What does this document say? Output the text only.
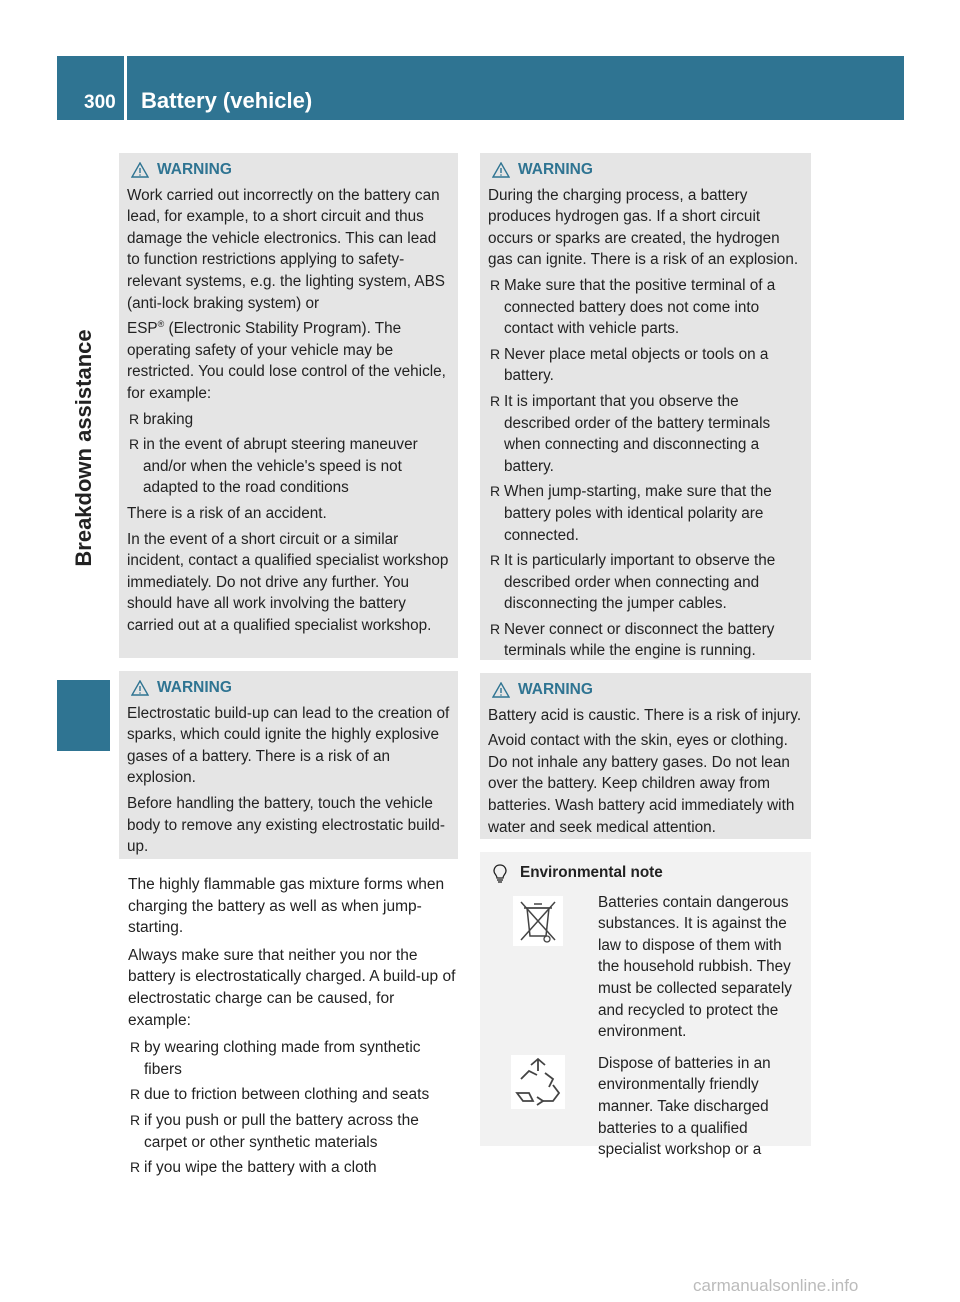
300 Battery (vehicle)
Breakdown assistance
WARNING

Work carried out incorrectly on the battery can lead, for example, to a short circuit and thus damage the vehicle electronics. This can lead to function restrictions applying to safety-relevant systems, e.g. the lighting system, ABS (anti-lock braking system) or
ESP® (Electronic Stability Program). The operating safety of your vehicle may be restricted. You could lose control of the vehicle, for example:

R braking
R in the event of abrupt steering maneuver and/or when the vehicle's speed is not adapted to the road conditions

There is a risk of an accident.

In the event of a short circuit or a similar incident, contact a qualified specialist workshop immediately. Do not drive any further. You should have all work involving the battery carried out at a qualified specialist workshop.

WARNING

Electrostatic build-up can lead to the creation of sparks, which could ignite the highly explosive gases of a battery. There is a risk of an explosion.

Before handling the battery, touch the vehicle body to remove any existing electrostatic build-up.

The highly flammable gas mixture forms when charging the battery as well as when jump-starting.

Always make sure that neither you nor the battery is electrostatically charged. A build-up of electrostatic charge can be caused, for example:

R by wearing clothing made from synthetic fibers
R due to friction between clothing and seats
R if you push or pull the battery across the carpet or other synthetic materials
R if you wipe the battery with a cloth
WARNING

During the charging process, a battery produces hydrogen gas. If a short circuit occurs or sparks are created, the hydrogen gas can ignite. There is a risk of an explosion.

R Make sure that the positive terminal of a connected battery does not come into contact with vehicle parts.
R Never place metal objects or tools on a battery.
R It is important that you observe the described order of the battery terminals when connecting and disconnecting a battery.
R When jump-starting, make sure that the battery poles with identical polarity are connected.
R It is particularly important to observe the described order when connecting and disconnecting the jumper cables.
R Never connect or disconnect the battery terminals while the engine is running.
WARNING

Battery acid is caustic. There is a risk of injury.

Avoid contact with the skin, eyes or clothing. Do not inhale any battery gases. Do not lean over the battery. Keep children away from batteries. Wash battery acid immediately with water and seek medical attention.

Environmental note
Batteries contain dangerous substances. It is against the law to dispose of them with the household rubbish. They must be collected separately and recycled to protect the environment.
Dispose of batteries in an environmentally friendly manner. Take discharged batteries to a qualified specialist workshop or a
carmanualsonline.info
